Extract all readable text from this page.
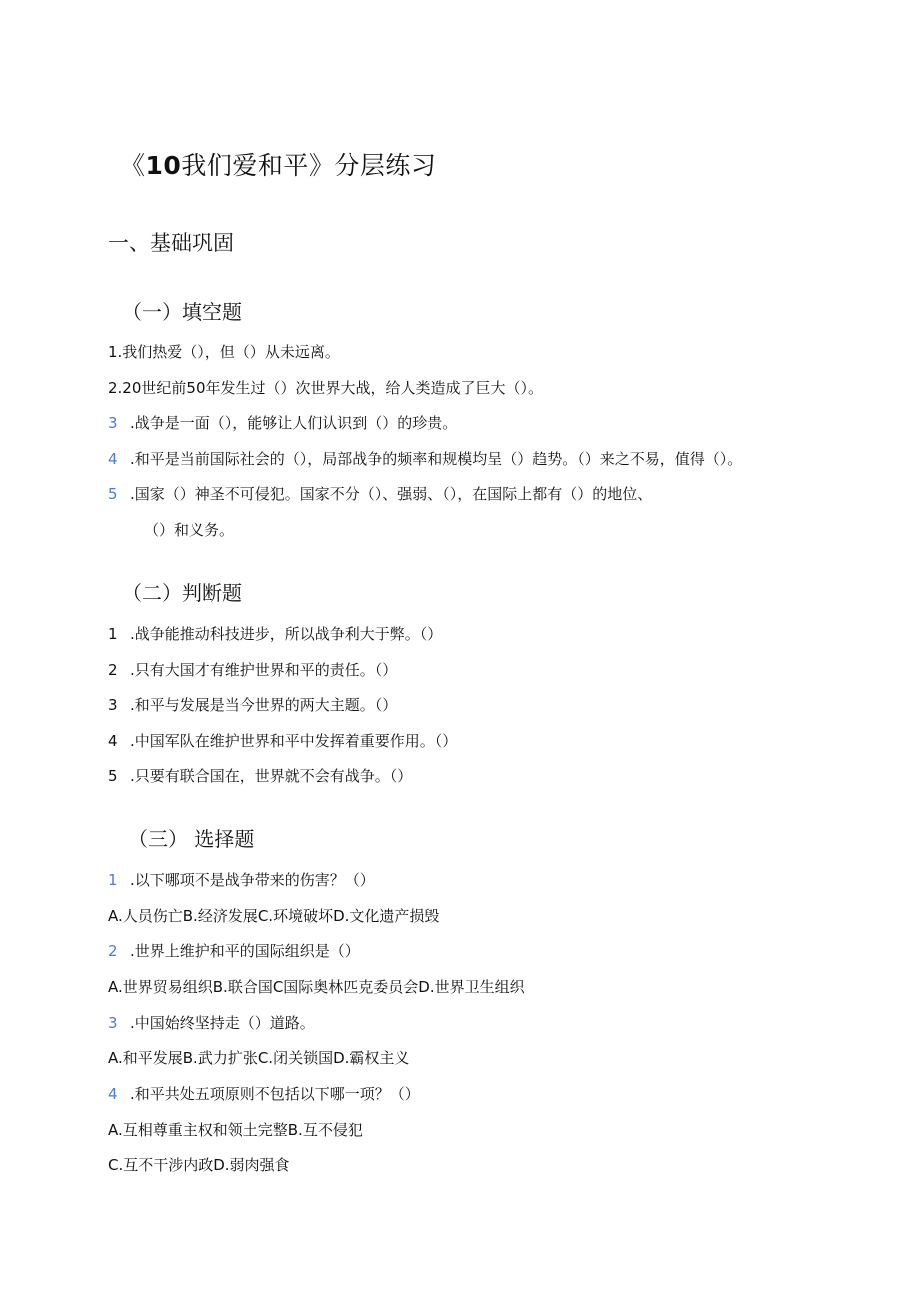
《10我们爱和平》分层练习
一、基础巩固
（一）填空题
1.我们热爱（），但（）从未远离。
2.20世纪前50年发生过（）次世界大战，给人类造成了巨大（）。
3 .战争是一面（），能够让人们认识到（）的珍贵。
4 .和平是当前国际社会的（），局部战争的频率和规模均呈（）趋势。（）来之不易，值得（）。
5 .国家（）神圣不可侵犯。国家不分（）、强弱、（），在国际上都有（）的地位、
（）和义务。
（二）判断题
1 .战争能推动科技进步，所以战争利大于弊。（）
2 .只有大国才有维护世界和平的责任。（）
3 .和平与发展是当今世界的两大主题。（）
4 .中国军队在维护世界和平中发挥着重要作用。（）
5 .只要有联合国在，世界就不会有战争。（）
（三） 选择题
1 .以下哪项不是战争带来的伤害？（）
A.人员伤亡B.经济发展C.环境破坏D.文化遗产损毁
2 .世界上维护和平的国际组织是（）
A.世界贸易组织B.联合国C国际奥林匹克委员会D.世界卫生组织
3 .中国始终坚持走（）道路。
A.和平发展B.武力扩张C.闭关锁国D.霸权主义
4 .和平共处五项原则不包括以下哪一项？（）
A.互相尊重主权和领土完整B.互不侵犯
C.互不干涉内政D.弱肉强食
